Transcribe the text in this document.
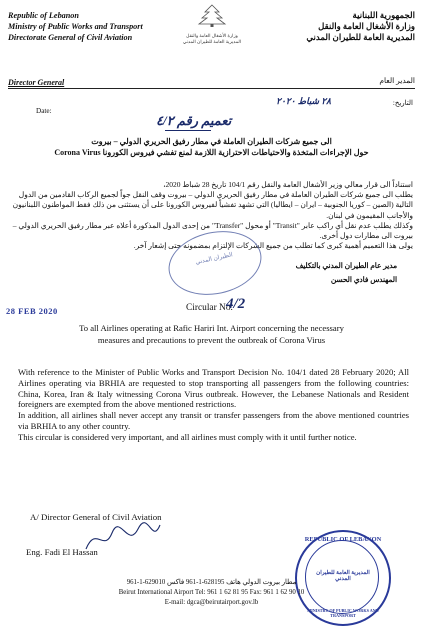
Republic of Lebanon
Ministry of Public Works and Transport
Directorate General of Civil Aviation	وزارة الأشغال العامة والنقل
المديرية العامة للطيران المدني
الجمهورية اللبنانية
وزارة الأشغال العامة والنقل
المديرية العامة للطيران المدني
Director General	المدير العام
Date:
التاريخ:
٢٨ شباط ٢٠٢٠
تعميم رقم ٤/٢
الى جميع شركات الطيران العاملة في مطار رفيق الحريري الدولي – بيروت
حول الإجراءات المتخذة والاحتياطات الاحترازية اللازمة لمنع تفشي فيروس الكورونا Corona Virus
استناداً الى قرار معالي وزير الأشغال العامة والنقل رقم 104/1 تاريخ 28 شباط 2020،
يطلب الى جميع شركات الطيران العاملة في مطار رفيق الحريري الدولي – بيروت وقف النقل جواً لجميع الركاب القادمين من الدول التالية (الصين – كوريا الجنوبية – ايران – ايطاليا) التي تشهد تفشياً لفيروس الكورونا على أن يستثنى من ذلك فقط المواطنون اللبنانيون والأجانب المقيمون في لبنان.
وكذلك يطلب عدم نقل أي راكب عابر "Transit" أو محول "Transfer" من إحدى الدول المذكورة أعلاه عبر مطار رفيق الحريري الدولي – بيروت الى مطارات دول أخرى.
يولى هذا التعميم أهمية كبرى كما تطلب من جميع الشركات الإلتزام بمضمونه حتى إشعار آخر.
الطيران المدني	مدير عام الطيران المدني بالتكليف
المهندس فادي الحسن
28 FEB 2020	Circular No.
4/2
To all Airlines operating at Rafic Hariri Int. Airport concerning the necessary
measures and precautions to prevent the outbreak of Corona Virus

With reference to the Minister of Public Works and Transport Decision No. 104/1 dated 28 February 2020; All Airlines operating via BRHIA are requested to stop transporting all passengers from the following countries: China, Korea, Iran & Italy witnessing Corona Virus outbreak. However, the Lebanese Nationals and Resident foreigners are exempted from the above mentioned restrictions.

In addition, all airlines shall never accept any transit or transfer passengers from the above mentioned countries via BRHIA to any other country.

This circular is considered very important, and all airlines must comply with it until further notice.

A/ Director General of Civil Aviation
Eng. Fadi El Hassan
REPUBLIC OF LEBANON
المديرية العامة للطيران المدني
MINISTRY OF PUBLIC WORKS AND TRANSPORT
مطار بيروت الدولي هاتف 628195-1-961 فاكس 629010-1-961
Beirut International Airport Tel: 961 1 62 81 95 Fax: 961 1 62 90 10
E-mail: dgca@beirutairport.gov.lb
